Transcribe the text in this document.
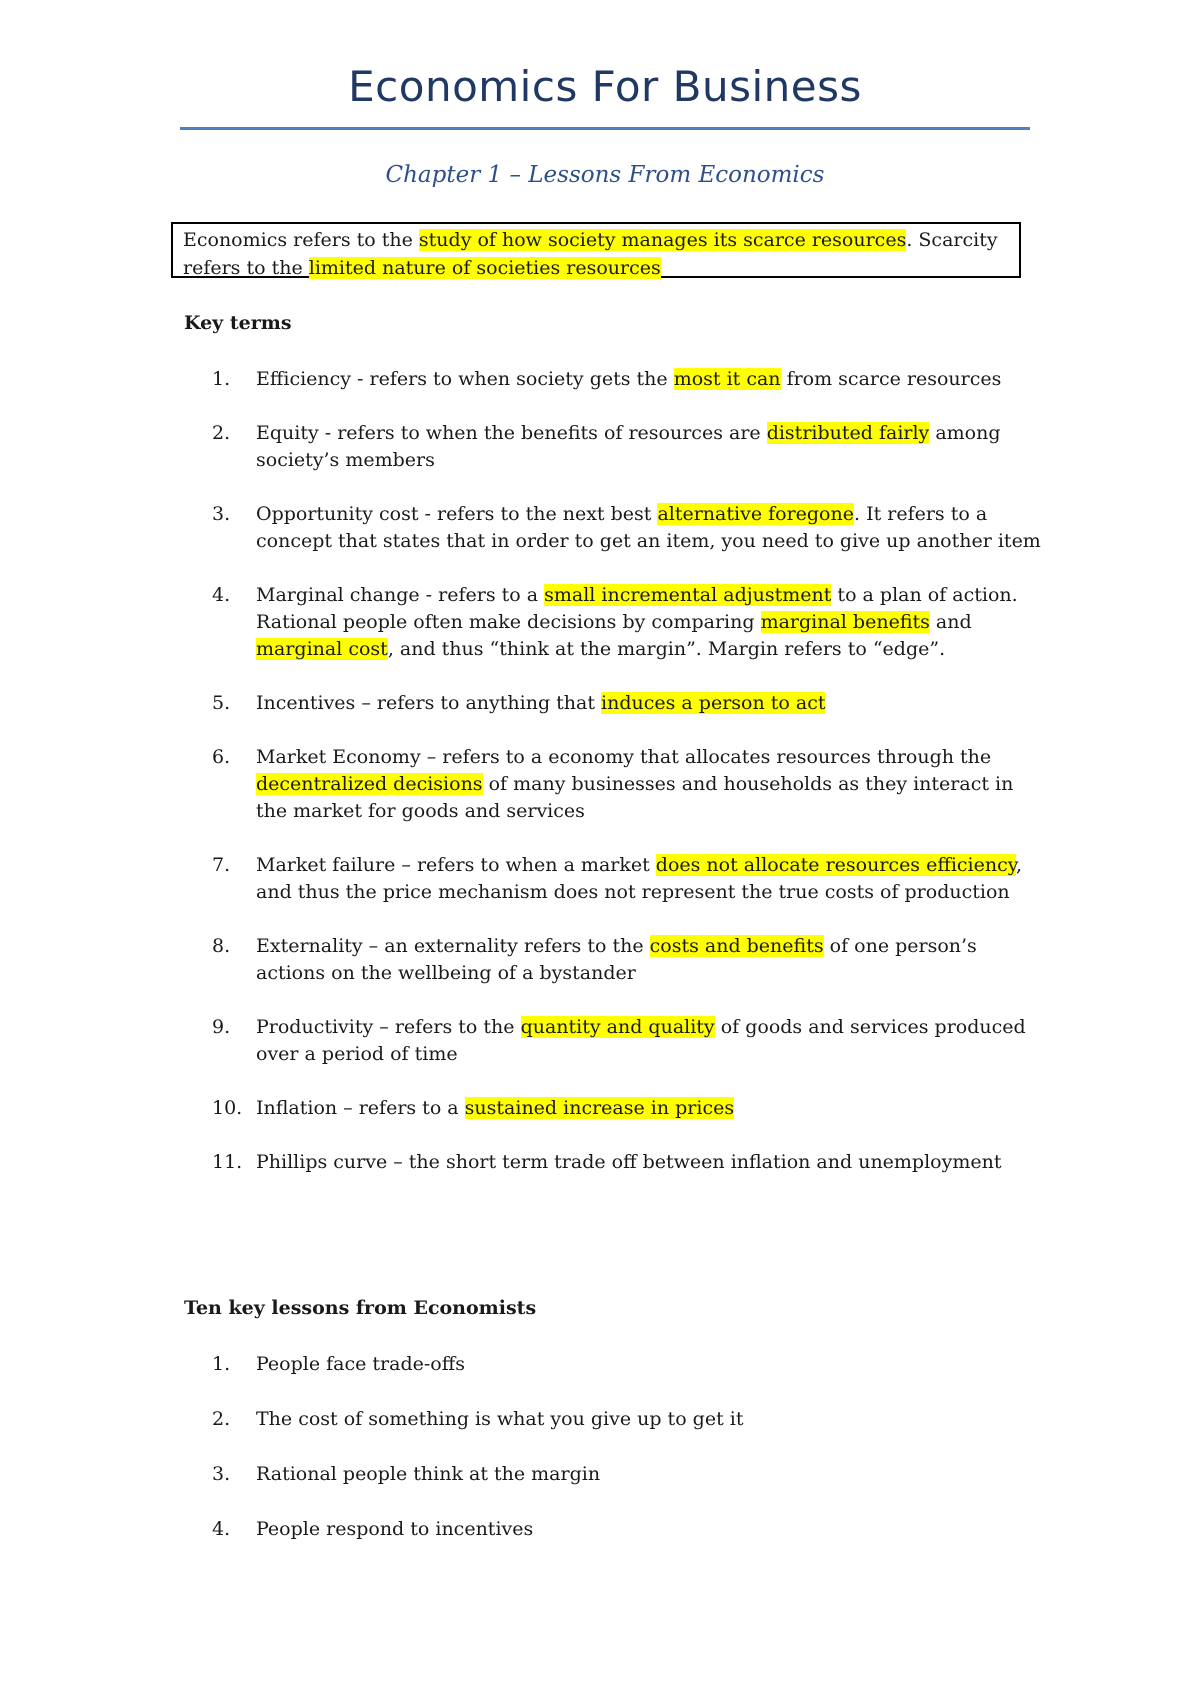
Economics For Business
Chapter 1 – Lessons From Economics
Economics refers to the study of how society manages its scarce resources. Scarcity refers to the limited nature of societies resources
Key terms
1.	Efficiency - refers to when society gets the most it can from scarce resources
2.	Equity - refers to when the benefits of resources are distributed fairly among society’s members
3.	Opportunity cost - refers to the next best alternative foregone. It refers to a concept that states that in order to get an item, you need to give up another item
4.	Marginal change - refers to a small incremental adjustment to a plan of action. Rational people often make decisions by comparing marginal benefits and marginal cost, and thus “think at the margin”. Margin refers to “edge”.
5.	Incentives – refers to anything that induces a person to act
6.	Market Economy – refers to a economy that allocates resources through the decentralized decisions of many businesses and households as they interact in the market for goods and services
7.	Market failure – refers to when a market does not allocate resources efficiency, and thus the price mechanism does not represent the true costs of production
8.	Externality – an externality refers to the costs and benefits of one person’s actions on the wellbeing of a bystander
9.	Productivity – refers to the quantity and quality of goods and services produced over a period of time
10. Inflation – refers to a sustained increase in prices
11. Phillips curve – the short term trade off between inflation and unemployment
Ten key lessons from Economists
1.	People face trade-offs
2.	The cost of something is what you give up to get it
3.	Rational people think at the margin
4.	People respond to incentives
